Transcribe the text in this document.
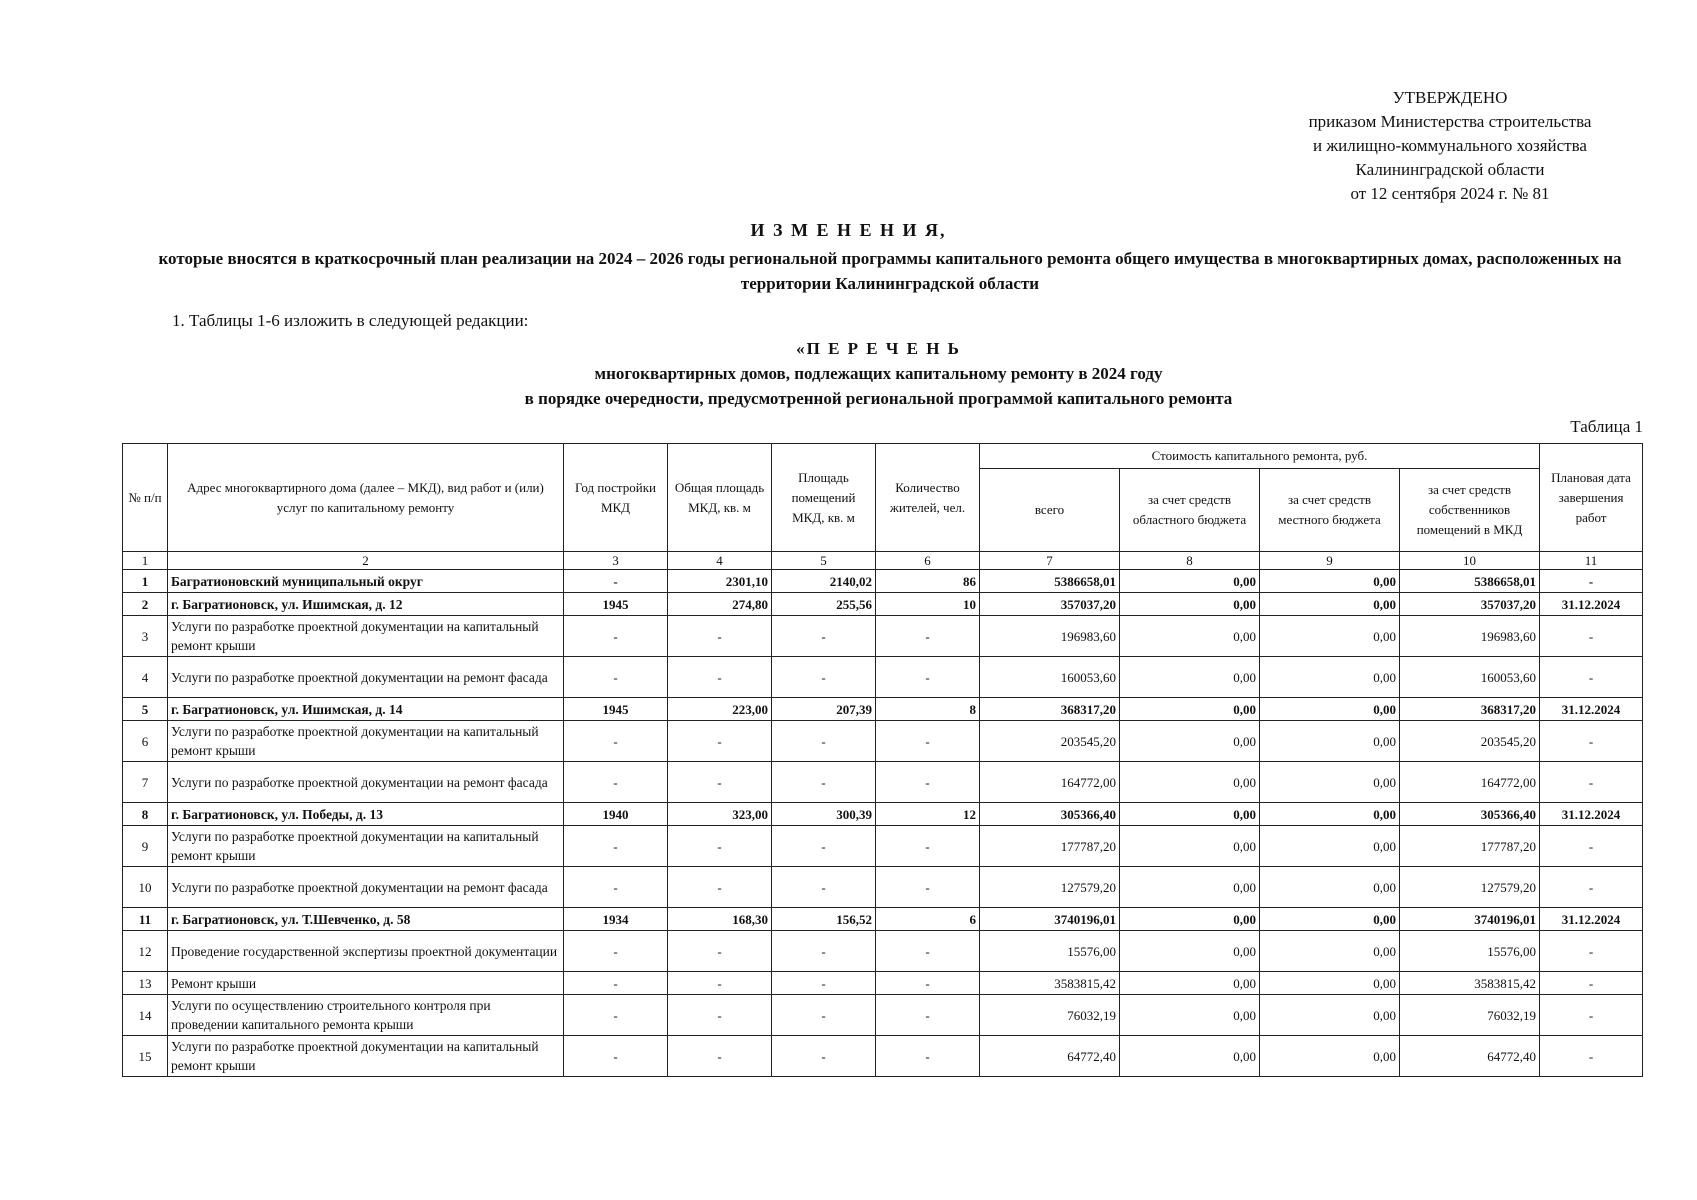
УТВЕРЖДЕНО
приказом Министерства строительства
и жилищно-коммунального хозяйства
Калининградской области
от 12 сентября 2024 г. № 81
И З М Е Н Е Н И Я,
которые вносятся в краткосрочный план реализации на 2024 – 2026 годы региональной программы капитального ремонта общего имущества в многоквартирных домах, расположенных на территории Калининградской области
1. Таблицы 1-6 изложить в следующей редакции:
«П Е Р Е Ч Е Н Ь
многоквартирных домов, подлежащих капитальному ремонту в 2024 году
в порядке очередности, предусмотренной региональной программой капитального ремонта
Таблица 1
№ п/п	Адрес многоквартирного дома (далее – МКД), вид работ и (или) услуг по капитальному ремонту	Год постройки МКД	Общая площадь МКД, кв. м	Площадь помещений МКД, кв. м	Количество жителей, чел.	Стоимость капитального ремонта, руб.				Плановая дата завершения работ
						всего	за счет средств областного бюджета	за счет средств местного бюджета	за счет средств собственников помещений в МКД	
1	2	3	4	5	6	7	8	9	10	11
1	Багратионовский муниципальный округ	-	2301,10	2140,02	86	5386658,01	0,00	0,00	5386658,01	-
2	г. Багратионовск, ул. Ишимская, д. 12	1945	274,80	255,56	10	357037,20	0,00	0,00	357037,20	31.12.2024
3	Услуги по разработке проектной документации на капитальный ремонт крыши	-	-	-	-	196983,60	0,00	0,00	196983,60	-
4	Услуги по разработке проектной документации на ремонт фасада	-	-	-	-	160053,60	0,00	0,00	160053,60	-
5	г. Багратионовск, ул. Ишимская, д. 14	1945	223,00	207,39	8	368317,20	0,00	0,00	368317,20	31.12.2024
6	Услуги по разработке проектной документации на капитальный ремонт крыши	-	-	-	-	203545,20	0,00	0,00	203545,20	-
7	Услуги по разработке проектной документации на ремонт фасада	-	-	-	-	164772,00	0,00	0,00	164772,00	-
8	г. Багратионовск, ул. Победы, д. 13	1940	323,00	300,39	12	305366,40	0,00	0,00	305366,40	31.12.2024
9	Услуги по разработке проектной документации на капитальный ремонт крыши	-	-	-	-	177787,20	0,00	0,00	177787,20	-
10	Услуги по разработке проектной документации на ремонт фасада	-	-	-	-	127579,20	0,00	0,00	127579,20	-
11	г. Багратионовск, ул. Т.Шевченко, д. 58	1934	168,30	156,52	6	3740196,01	0,00	0,00	3740196,01	31.12.2024
12	Проведение государственной экспертизы проектной документации	-	-	-	-	15576,00	0,00	0,00	15576,00	-
13	Ремонт крыши	-	-	-	-	3583815,42	0,00	0,00	3583815,42	-
14	Услуги по осуществлению строительного контроля при проведении капитального ремонта крыши	-	-	-	-	76032,19	0,00	0,00	76032,19	-
15	Услуги по разработке проектной документации на капитальный ремонт крыши	-	-	-	-	64772,40	0,00	0,00	64772,40	-
